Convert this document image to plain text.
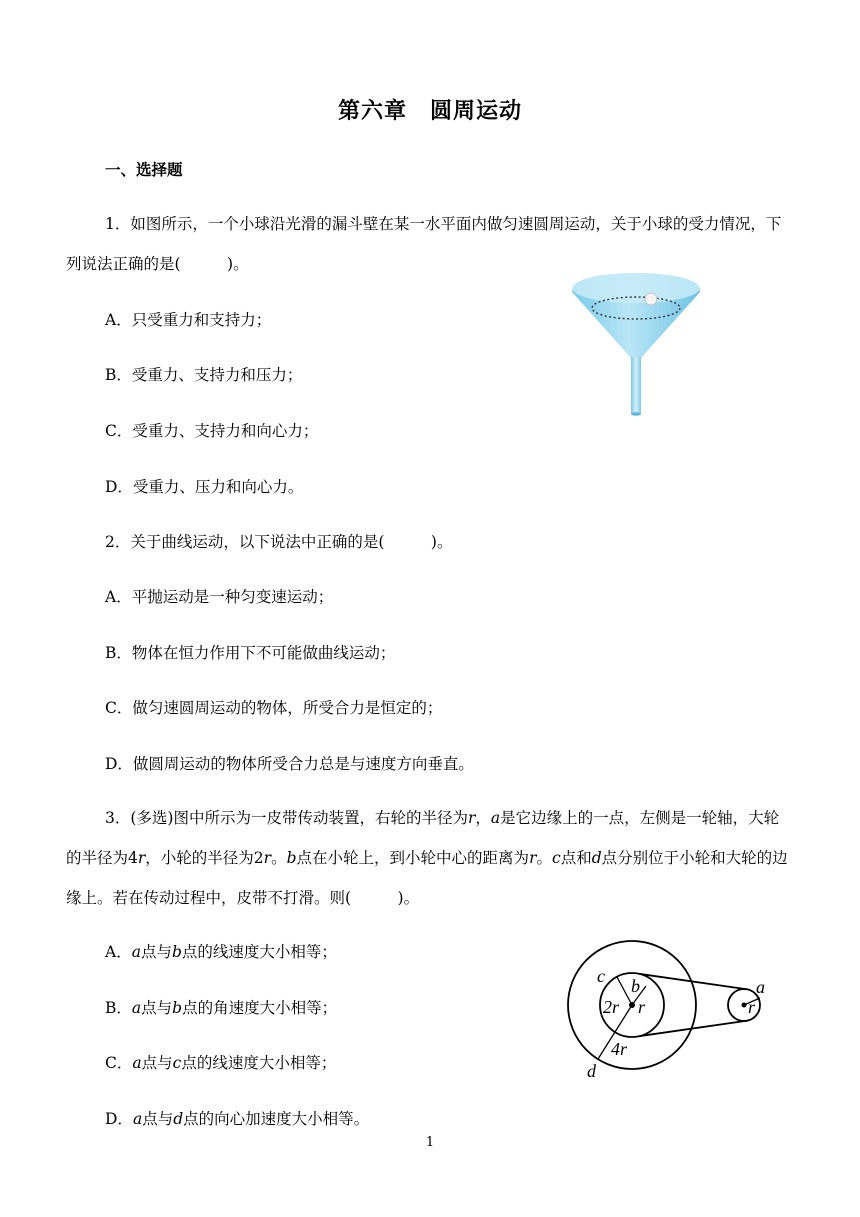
第六章　圆周运动
一、选择题
1．如图所示，一个小球沿光滑的漏斗壁在某一水平面内做匀速圆周运动，关于小球的受力情况，下列说法正确的是(　　　)。
A．只受重力和支持力；
B．受重力、支持力和压力；
C．受重力、支持力和向心力；
D．受重力、压力和向心力。
2．关于曲线运动，以下说法中正确的是(　　　)。
A．平抛运动是一种匀变速运动；
B．物体在恒力作用下不可能做曲线运动；
C．做匀速圆周运动的物体，所受合力是恒定的；
D．做圆周运动的物体所受合力总是与速度方向垂直。
3．(多选)图中所示为一皮带传动装置，右轮的半径为r，a是它边缘上的一点，左侧是一轮轴，大轮的半径为4r，小轮的半径为2r。b点在小轮上，到小轮中心的距离为r。c点和d点分别位于小轮和大轮的边缘上。若在传动过程中，皮带不打滑。则(　　　)。
A．a点与b点的线速度大小相等；
B．a点与b点的角速度大小相等；
C．a点与c点的线速度大小相等；
D．a点与d点的向心加速度大小相等。
c b
2r r
4r
d
a
r
1
